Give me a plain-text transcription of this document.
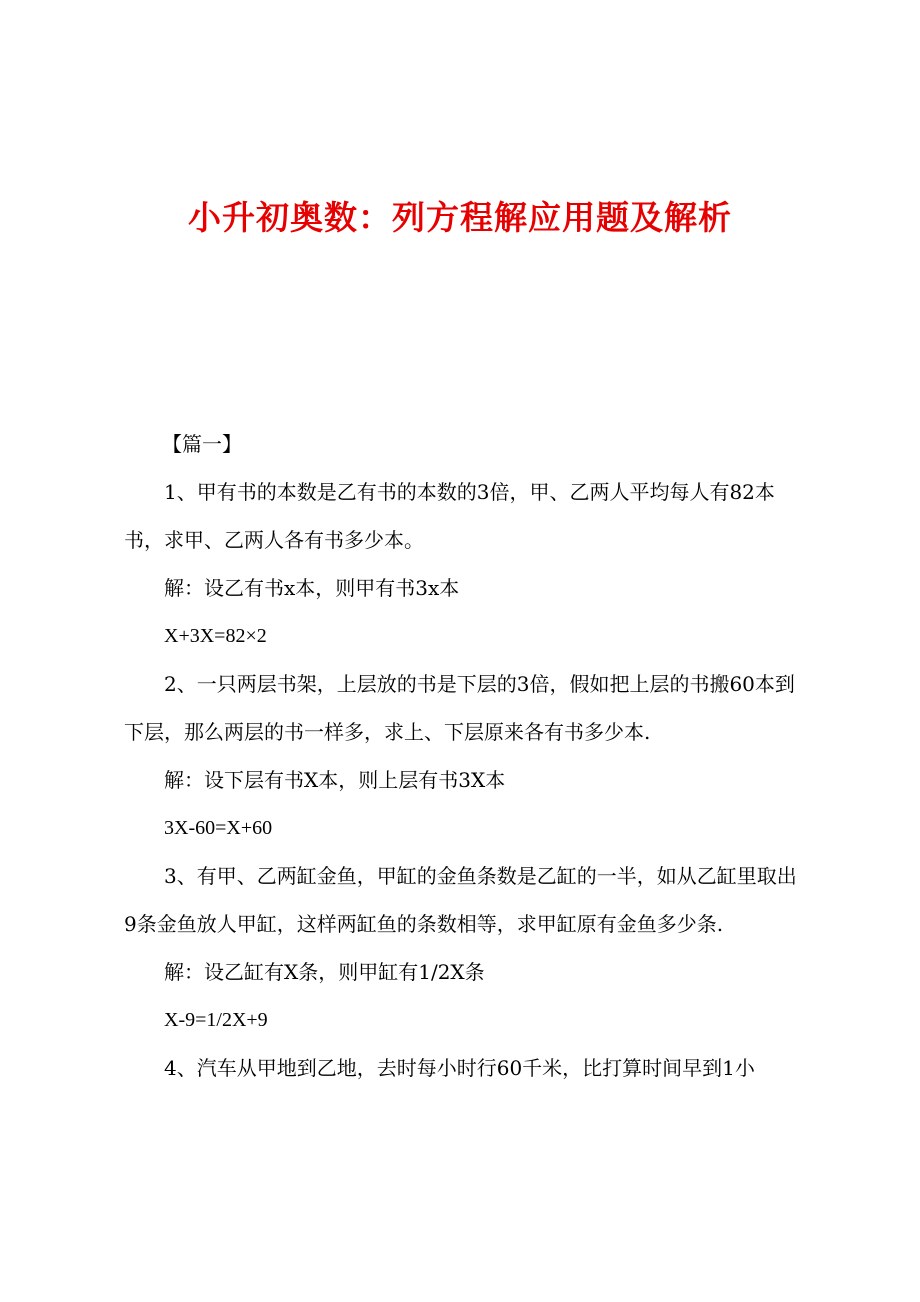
小升初奥数：列方程解应用题及解析

【篇一】

1、甲有书的本数是乙有书的本数的3倍，甲、乙两人平均每人有82本书，求甲、乙两人各有书多少本。

解：设乙有书x本，则甲有书3x本

X+3X=82×2

2、一只两层书架，上层放的书是下层的3倍，假如把上层的书搬60本到下层，那么两层的书一样多，求上、下层原来各有书多少本.

解：设下层有书X本，则上层有书3X本

3X-60=X+60

3、有甲、乙两缸金鱼，甲缸的金鱼条数是乙缸的一半，如从乙缸里取出9条金鱼放人甲缸，这样两缸鱼的条数相等，求甲缸原有金鱼多少条.

解：设乙缸有X条，则甲缸有1/2X条

X-9=1/2X+9

4、汽车从甲地到乙地，去时每小时行60千米，比打算时间早到1小
